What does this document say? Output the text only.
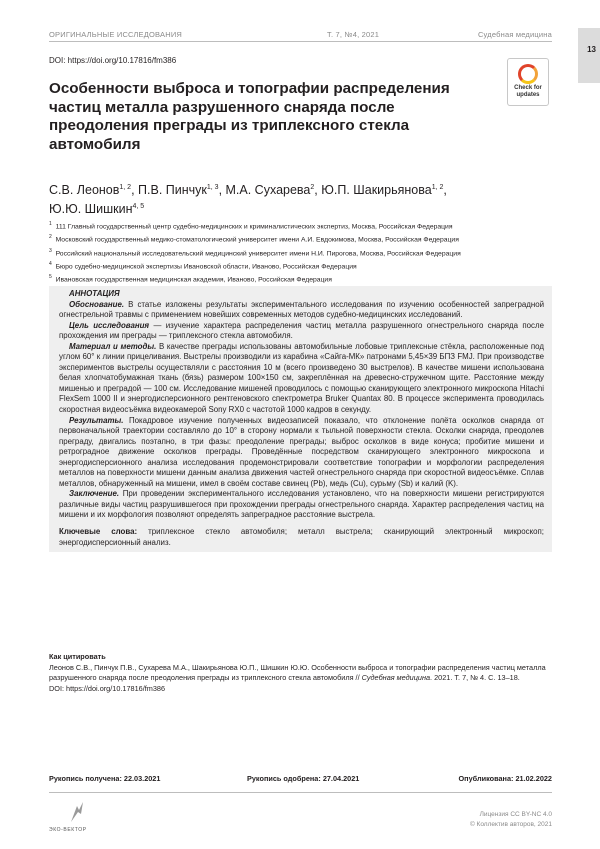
ОРИГИНАЛЬНЫЕ ИССЛЕДОВАНИЯ	Т. 7, №4, 2021	Судебная медицина
13
DOI: https://doi.org/10.17816/fm386
Check for
updates
Особенности выброса и топографии распределения частиц металла разрушенного снаряда после преодоления преграды из триплексного стекла автомобиля
С.В. Леонов$^{1, 2}$, П.В. Пинчук$^{1, 3}$, М.А. Сухарева$^2$, Ю.П. Шакирьянова$^{1, 2}$,
Ю.Ю. Шишкин$^{4, 5}$
$^1$ 111 Главный государственный центр судебно-медицинских и криминалистических экспертиз, Москва, Российская Федерация
$^2$ Московский государственный медико-стоматологический университет имени А.И. Евдокимова, Москва, Российская Федерация
$^3$ Российский национальный исследовательский медицинский университет имени Н.И. Пирогова, Москва, Российская Федерация
$^4$ Бюро судебно-медицинской экспертизы Ивановской области, Иваново, Российская Федерация
$^5$ Ивановская государственная медицинская академия, Иваново, Российская Федерация
АННОТАЦИЯ

Обоснование. В статье изложены результаты экспериментального исследования по изучению особенностей запреградной огнестрельной травмы с применением новейших современных методов судебно-медицинских исследований.

Цель исследования — изучение характера распределения частиц металла разрушенного огнестрельного снаряда после прохождения им преграды — триплексного стекла автомобиля.

Материал и методы. В качестве преграды использованы автомобильные лобовые триплексные стёкла, расположенные под углом 60° к линии прицеливания. Выстрелы производили из карабина «Сайга-МК» патронами 5,45×39 БПЗ FMJ. При производстве экспериментов выстрелы осуществляли с расстояния 10 м (всего произведено 30 выстрелов). В качестве мишени использована белая хлопчатобумажная ткань (бязь) размером 100×150 см, закреплённая на древесно-стружечном щите. Расстояние между мишенью и преградой — 100 см. Исследование мишеней проводилось с помощью сканирующего электронного микроскопа Hitachi FlexSem 1000 II и энергодисперсионного рентгеновского спектрометра Bruker Quantax 80. В процессе эксперимента проводилась скоростная видеосъёмка видеокамерой Sony RX0 с частотой 1000 кадров в секунду.

Результаты. Покадровое изучение полученных видеозаписей показало, что отклонение полёта осколков снаряда от первоначальной траектории составляло до 10° в сторону нормали к тыльной поверхности стекла. Осколки снаряда, преодолев преграду, двигались поэтапно, в три фазы: преодоление преграды; выброс осколков в виде конуса; пробитие мишени и ретроградное движение осколков преграды. Проведённые посредством сканирующего электронного микроскопа и энергодисперсионного анализа исследования продемонстрировали соответствие топографии и морфологии распределения металлов на поверхности мишени данным анализа движения частей огнестрельного снаряда при скоростной видеосъёмке. Сплав металлов, обнаруженный на мишени, имел в своём составе свинец (Pb), медь (Cu), сурьму (Sb) и калий (K).

Заключение. При проведении экспериментального исследования установлено, что на поверхности мишени регистрируются различные виды частиц разрушившегося при прохождении преграды огнестрельного снаряда. Характер распределения частиц на мишени и их морфология позволяют определять запреградное расстояние выстрела.

Ключевые слова: триплексное стекло автомобиля; металл выстрела; сканирующий электронный микроскоп; энергодисперсионный анализ.

Как цитировать
Леонов С.В., Пинчук П.В., Сухарева М.А., Шакирьянова Ю.П., Шишкин Ю.Ю. Особенности выброса и топографии распределения частиц металла разрушенного снаряда после преодоления преграды из триплексного стекла автомобиля // Судебная медицина. 2021. Т. 7, № 4. С. 13–18.
DOI: https://doi.org/10.17816/fm386
Рукопись получена: 22.03.2021	Рукопись одобрена: 27.04.2021	Опубликована: 21.02.2022
ЭКО-ВЕКТОР
Лицензия CC BY-NC 4.0
© Коллектив авторов, 2021
